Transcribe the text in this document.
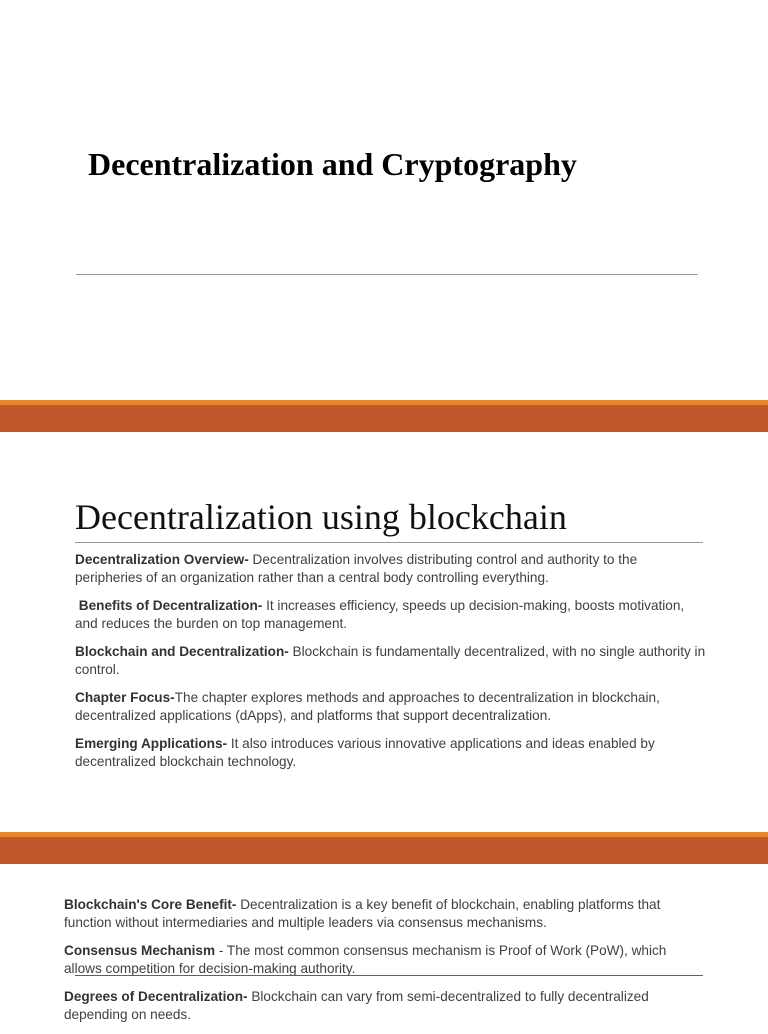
Decentralization and Cryptography
Decentralization using blockchain
Decentralization Overview- Decentralization involves distributing control and authority to the peripheries of an organization rather than a central body controlling everything.
Benefits of Decentralization- It increases efficiency, speeds up decision-making, boosts motivation, and reduces the burden on top management.
Blockchain and Decentralization- Blockchain is fundamentally decentralized, with no single authority in control.
Chapter Focus-The chapter explores methods and approaches to decentralization in blockchain, decentralized applications (dApps), and platforms that support decentralization.
Emerging Applications- It also introduces various innovative applications and ideas enabled by decentralized blockchain technology.
Blockchain's Core Benefit- Decentralization is a key benefit of blockchain, enabling platforms that function without intermediaries and multiple leaders via consensus mechanisms.
Consensus Mechanism - The most common consensus mechanism is Proof of Work (PoW), which allows competition for decision-making authority.
Degrees of Decentralization- Blockchain can vary from semi-decentralized to fully decentralized depending on needs.
